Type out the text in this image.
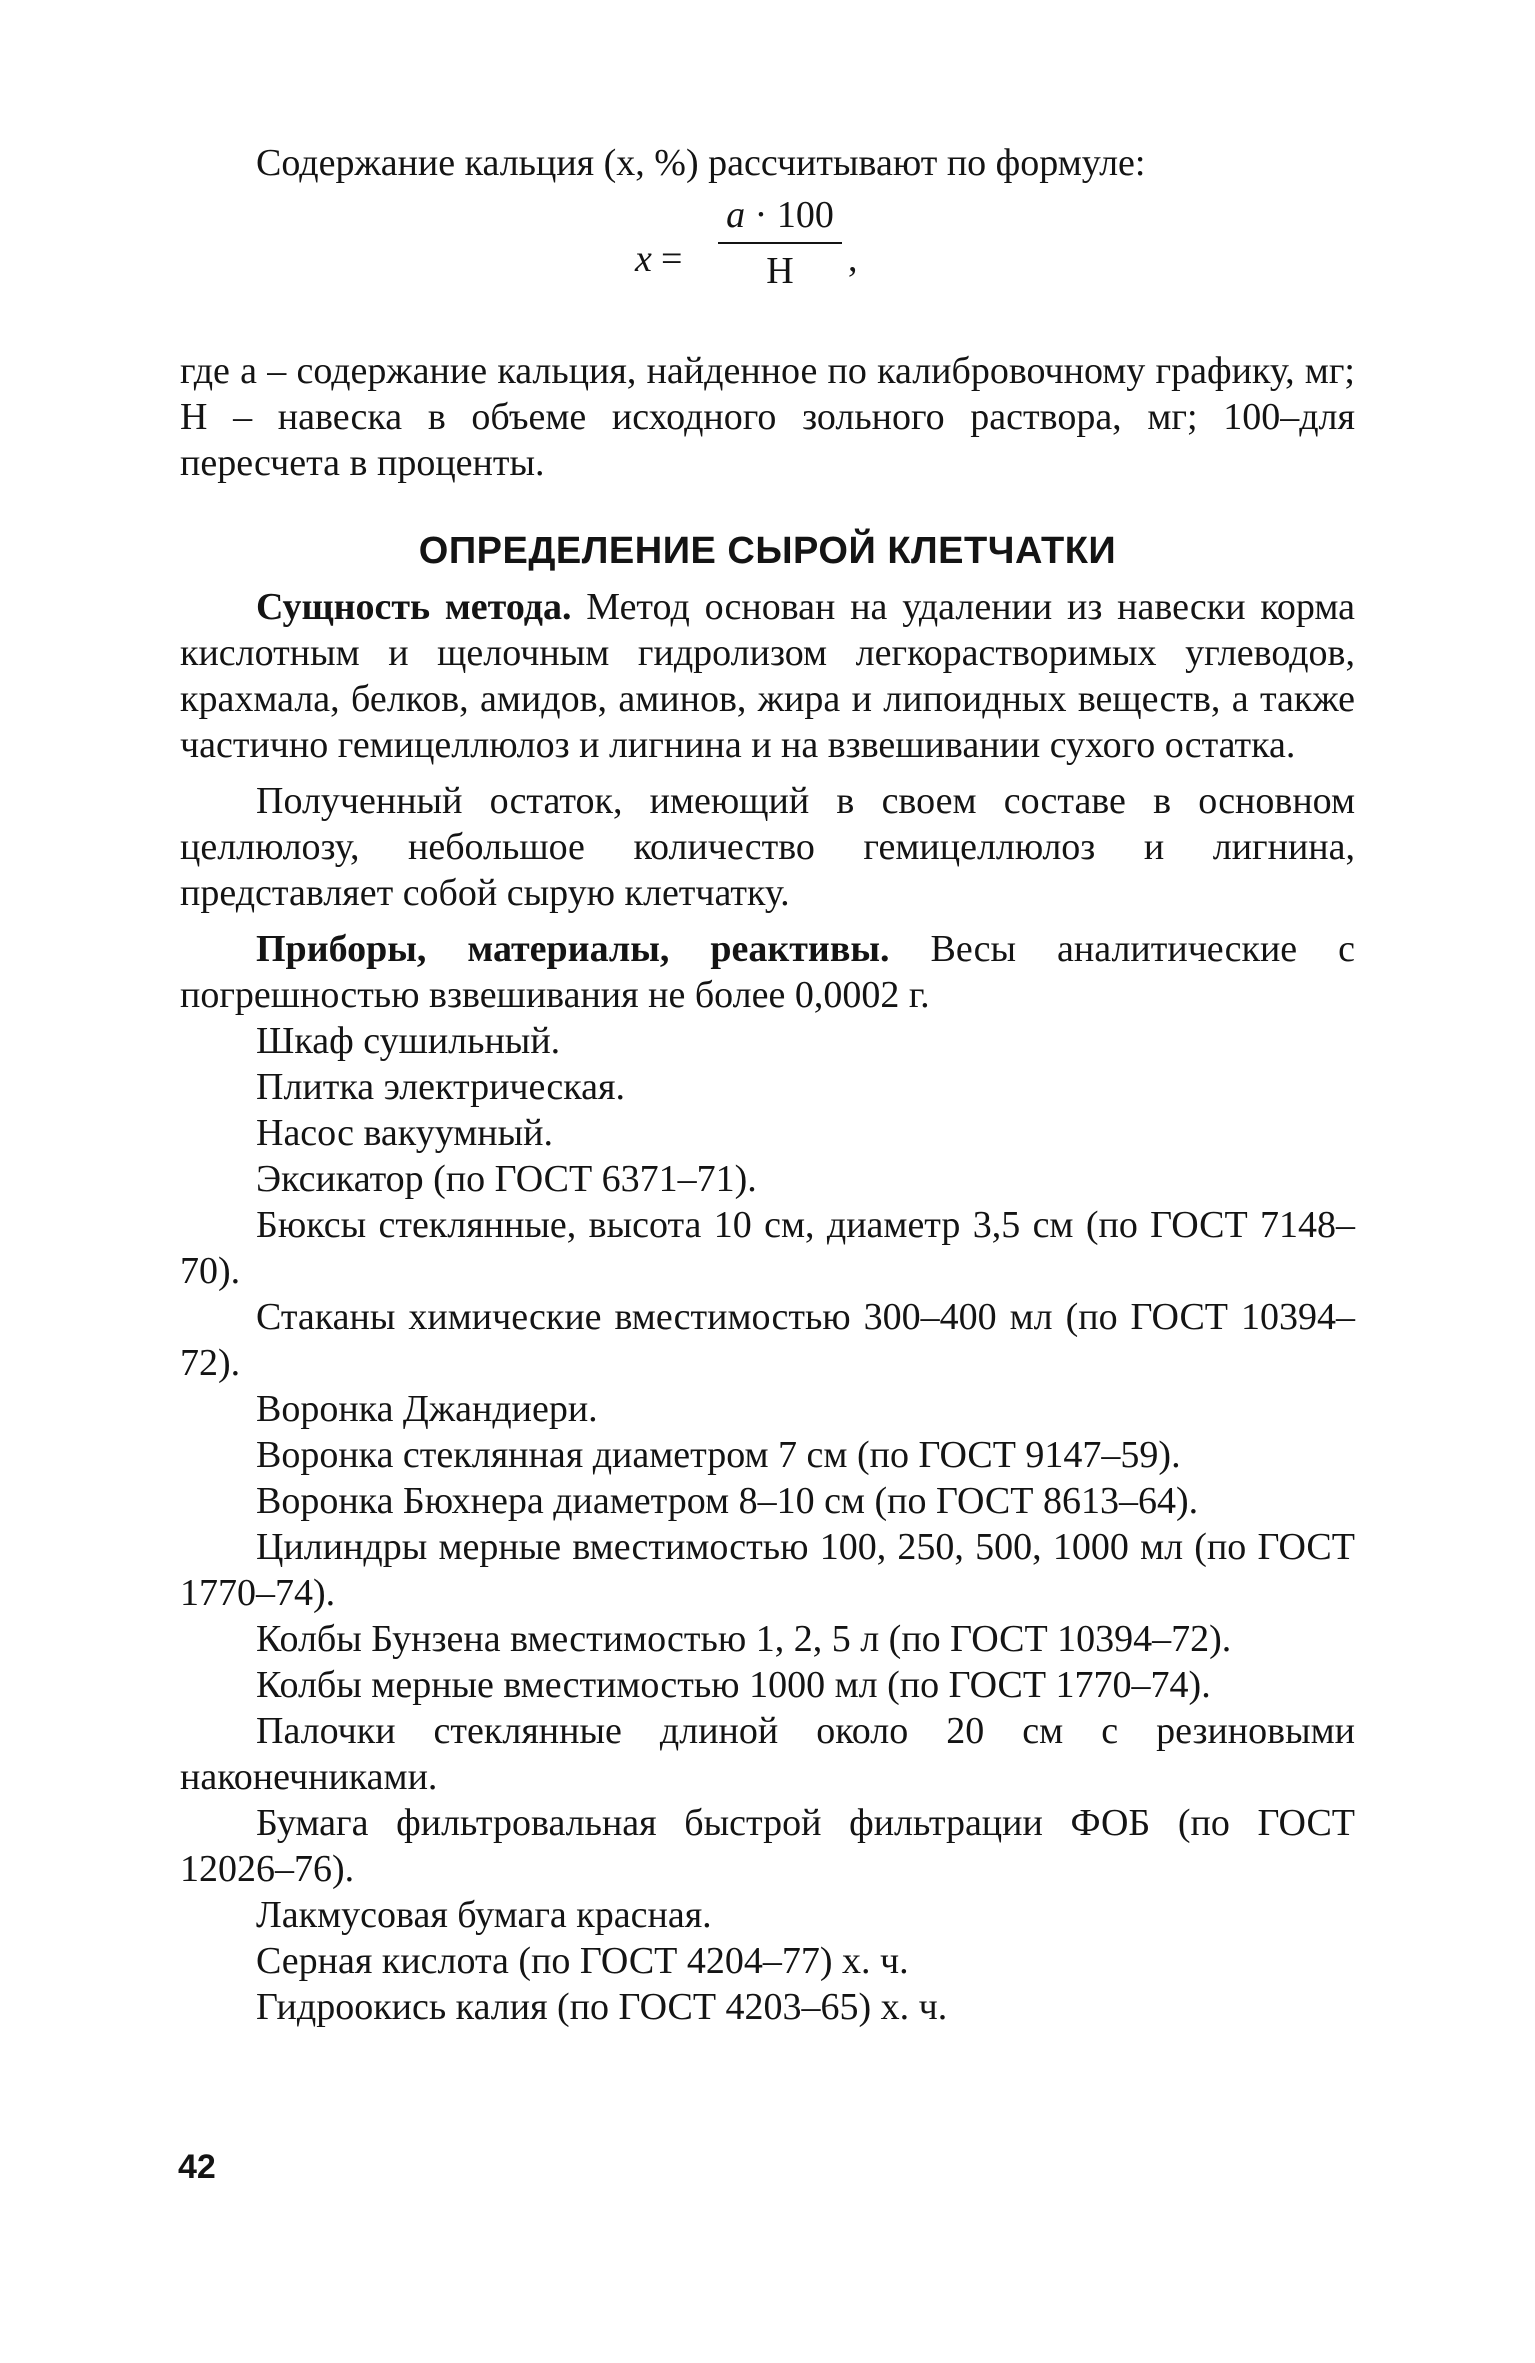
Содержание кальция (x, %) рассчитывают по формуле:

x =
a · 100
Н	,

где a – содержание кальция, найденное по калибровочному графику, мг; Н – навеска в объеме исходного зольного раствора, мг; 100–для пересчета в проценты.

ОПРЕДЕЛЕНИЕ СЫРОЙ КЛЕТЧАТКИ

Сущность метода. Метод основан на удалении из навески корма кислотным и щелочным гидролизом легкорастворимых углеводов, крахмала, белков, амидов, аминов, жира и липоидных веществ, а также частично гемицеллюлоз и лигнина и на взвешивании сухого остатка.

Полученный остаток, имеющий в своем составе в основном целлюлозу, небольшое количество гемицеллюлоз и лигнина, представляет собой сырую клетчатку.

Приборы, материалы, реактивы. Весы аналитические с погрешностью взвешивания не более 0,0002 г.

Шкаф сушильный.

Плитка электрическая.

Насос вакуумный.

Эксикатор (по ГОСТ 6371–71).

Бюксы стеклянные, высота 10 см, диаметр 3,5 см (по ГОСТ 7148–70).

Стаканы химические вместимостью 300–400 мл (по ГОСТ 10394–72).

Воронка Джандиери.

Воронка стеклянная диаметром 7 см (по ГОСТ 9147–59).

Воронка Бюхнера диаметром 8–10 см (по ГОСТ 8613–64).

Цилиндры мерные вместимостью 100, 250, 500, 1000 мл (по ГОСТ 1770–74).

Колбы Бунзена вместимостью 1, 2, 5 л (по ГОСТ 10394–72).

Колбы мерные вместимостью 1000 мл (по ГОСТ 1770–74).

Палочки стеклянные длиной около 20 см с резиновыми наконечниками.

Бумага фильтровальная быстрой фильтрации ФОБ (по ГОСТ 12026–76).

Лакмусовая бумага красная.

Серная кислота (по ГОСТ 4204–77) х. ч.

Гидроокись калия (по ГОСТ 4203–65) х. ч.

42
